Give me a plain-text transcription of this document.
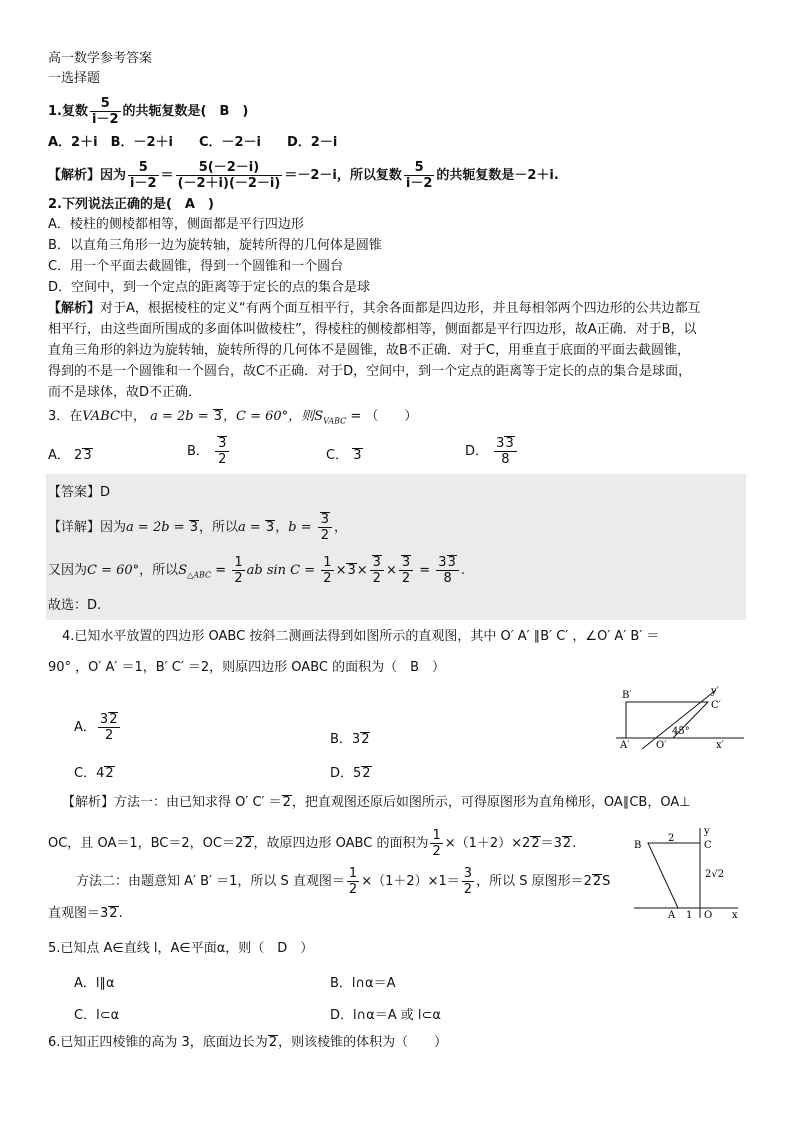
高一数学参考答案
一选择题
1.复数 $\frac{5}{i-2}$ 的共轭复数是(　B　)
A．2＋i　B．－2＋i　　C．－2－i　　D．2－i
【解析】因为 $\frac{5}{i-2} = \frac{5(-2-i)}{(-2+i)(-2-i)} =-2-i$，所以复数 $\frac{5}{i-2}$ 的共轭复数是－2＋i.
2.下列说法正确的是(　A　)
A．棱柱的侧棱都相等，侧面都是平行四边形
B．以直角三角形一边为旋转轴，旋转所得的几何体是圆锥
C．用一个平面去截圆锥，得到一个圆锥和一个圆台
D．空间中，到一个定点的距离等于定长的点的集合是球
【解析】对于A，根据棱柱的定义“有两个面互相平行，其余各面都是四边形，并且每相邻两个四边形的公共边都互
相平行，由这些面所围成的多面体叫做棱柱”，得棱柱的侧棱都相等，侧面都是平行四边形，故A正确．对于B，以
直角三角形的斜边为旋转轴，旋转所得的几何体不是圆锥，故B不正确．对于C，用垂直于底面的平面去截圆锥，
得到的不是一个圆锥和一个圆台，故C不正确．对于D，空间中，到一个定点的距离等于定长的点的集合是球面，
而不是球体，故D不正确．
3．在VABC中， a = 2b = 3，C = 60°，则$S_{VABC}$ = （　　）
A． 23	B． $\frac{3}{2}$	C． 3	D． $\frac{33}{8}$
【答案】D
【详解】因为a = 2b = 3，所以a = 3，$b = \frac{3}{2}$ ，
又因为C = 60°，所以$S_{\triangle ABC} = \frac{1}{2}$ ab $\sin C = \frac{1}{2} \times 3\times \frac{3}{2} \times \frac{3}{2} = \frac{33}{8}$ .
故选：D.
4.已知水平放置的四边形 OABC 按斜二测画法得到如图所示的直观图，其中 O′ A′ ∥B′ C′ ，∠O′ A′ B′ ＝
90° ，O′ A′ ＝1，B′ C′ ＝2，则原四边形 OABC 的面积为（　B　）
B′
C′
A′	O′	x′
y′
45°
A． $\frac{32}{2}$	B．32
C．42	D．52
【解析】方法一：由已知求得 O′ C′ ＝2，把直观图还原后如图所示，可得原图形为直角梯形，OA∥CB，OA⊥
OC，且 OA＝1，BC＝2，OC＝22，故原四边形 OABC 的面积为 $\frac{1}{2} \times(1+2)\times 22=32$.
方法二：由题意知 A′ B′ ＝1，所以 S 直观图＝ $\frac{1}{2} \times(1+2)\times 1= \frac{3}{2}$ ，所以 S 原图形＝22S
直观图＝32.
B	C
2
2√2
A 1 O x
y
5.已知点 A∈直线 l，A∈平面α，则（　D　）
A．l∥α	B．l∩α＝A
C．l⊂α	D．l∩α＝A 或 l⊂α
6.已知正四棱锥的高为 3，底面边长为2，则该棱锥的体积为（　　）
